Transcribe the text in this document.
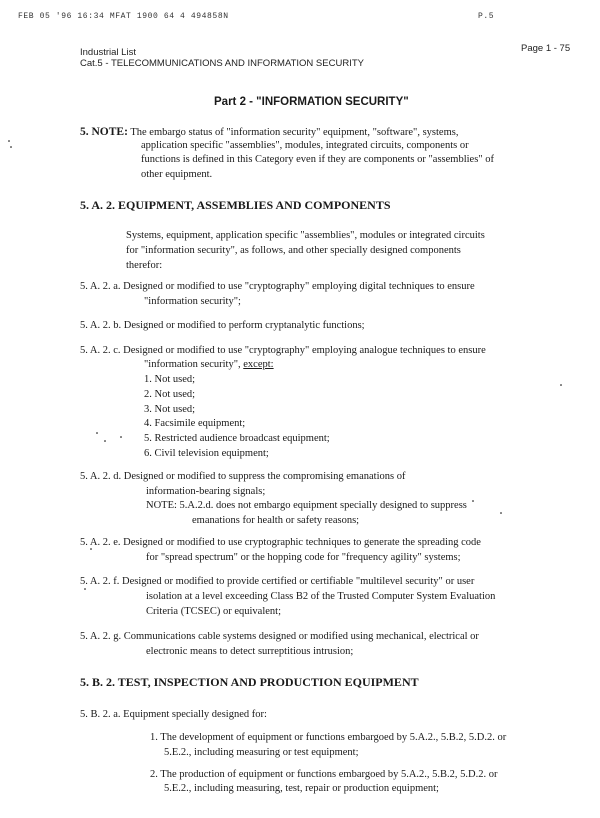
FEB 05 '96 16:34 MFAT 1900 64 4 494858N	P.5
Industrial List
Cat.5 - TELECOMMUNICATIONS AND INFORMATION SECURITY
Page 1 - 75
Part 2 - "INFORMATION SECURITY"
5. NOTE: The embargo status of "information security" equipment, "software", systems,
application specific "assemblies", modules, integrated circuits, components or
functions is defined in this Category even if they are components or "assemblies" of
other equipment.
5. A. 2. EQUIPMENT, ASSEMBLIES AND COMPONENTS
Systems, equipment, application specific "assemblies", modules or integrated circuits
for "information security", as follows, and other specially designed components
therefor:
5. A. 2. a. Designed or modified to use "cryptography" employing digital techniques to ensure
"information security";
5. A. 2. b. Designed or modified to perform cryptanalytic functions;
5. A. 2. c. Designed or modified to use "cryptography" employing analogue techniques to ensure
"information security", except:
1. Not used;
2. Not used;
3. Not used;
4. Facsimile equipment;
5. Restricted audience broadcast equipment;
6. Civil television equipment;
5. A. 2. d. Designed or modified to suppress the compromising emanations of
information-bearing signals;
NOTE: 5.A.2.d. does not embargo equipment specially designed to suppress
emanations for health or safety reasons;
5. A. 2. e. Designed or modified to use cryptographic techniques to generate the spreading code
for "spread spectrum" or the hopping code for "frequency agility" systems;
5. A. 2. f. Designed or modified to provide certified or certifiable "multilevel security" or user
isolation at a level exceeding Class B2 of the Trusted Computer System Evaluation
Criteria (TCSEC) or equivalent;
5. A. 2. g. Communications cable systems designed or modified using mechanical, electrical or
electronic means to detect surreptitious intrusion;
5. B. 2. TEST, INSPECTION AND PRODUCTION EQUIPMENT
5. B. 2. a. Equipment specially designed for:
1. The development of equipment or functions embargoed by 5.A.2., 5.B.2, 5.D.2. or
5.E.2., including measuring or test equipment;
2. The production of equipment or functions embargoed by 5.A.2., 5.B.2, 5.D.2. or
5.E.2., including measuring, test, repair or production equipment;
